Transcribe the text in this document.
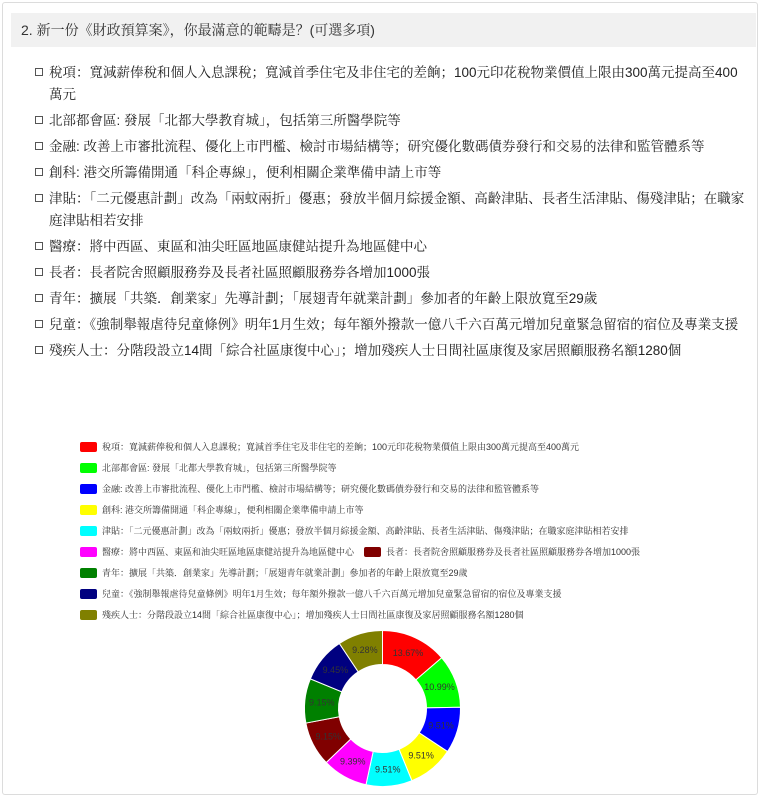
2. 新一份《財政預算案》，你最滿意的範疇是？(可選多項)
稅項：寬減薪俸稅和個人入息課稅；寬減首季住宅及非住宅的差餉；100元印花稅物業價值上限由300萬元提高至400萬元
北部都會區: 發展「北都大學教育城」，包括第三所醫學院等
金融: 改善上市審批流程、優化上市門檻、檢討市場結構等；研究優化數碼債券發行和交易的法律和監管體系等
創科: 港交所籌備開通「科企專線」，便利相關企業準備申請上市等
津貼：「二元優惠計劃」改為「兩蚊兩折」優惠；發放半個月綜援金額、高齡津貼、長者生活津貼、傷殘津貼；在職家庭津貼相若安排
醫療：將中西區、東區和油尖旺區地區康健站提升為地區健中心
長者：長者院舍照顧服務券及長者社區照顧服務券各增加1000張
青年：擴展「共築．創業家」先導計劃；「展翅青年就業計劃」參加者的年齡上限放寬至29歲
兒童：《強制舉報虐待兒童條例》明年1月生效；每年額外撥款一億八千六百萬元增加兒童緊急留宿的宿位及專業支援
殘疾人士：分階段設立14間「綜合社區康復中心」；增加殘疾人士日間社區康復及家居照顧服務名額1280個
稅項：寬減薪俸稅和個人入息課稅；寬減首季住宅及非住宅的差餉；100元印花稅物業價值上限由300萬元提高至400萬元
北部都會區: 發展「北都大學教育城」，包括第三所醫學院等
金融: 改善上市審批流程、優化上市門檻、檢討市場結構等；研究優化數碼債券發行和交易的法律和監管體系等
創科: 港交所籌備開通「科企專線」，便利相關企業準備申請上市等
津貼：「二元優惠計劃」改為「兩蚊兩折」優惠；發放半個月綜援金額、高齡津貼、長者生活津貼、傷殘津貼；在職家庭津貼相若安排
醫療：將中西區、東區和油尖旺區地區康健站提升為地區健中心	長者：長者院舍照顧服務券及長者社區照顧服務券各增加1000張
青年：擴展「共築．創業家」先導計劃；「展翅青年就業計劃」參加者的年齡上限放寬至29歲
兒童：《強制舉報虐待兒童條例》明年1月生效；每年額外撥款一億八千六百萬元增加兒童緊急留宿的宿位及專業支援
殘疾人士：分階段設立14間「綜合社區康復中心」；增加殘疾人士日間社區康復及家居照顧服務名額1280個
13.67%
10.99%
9.51%
9.51%
9.51%
9.39%
9.15%
9.15%
9.45%
9.28%
